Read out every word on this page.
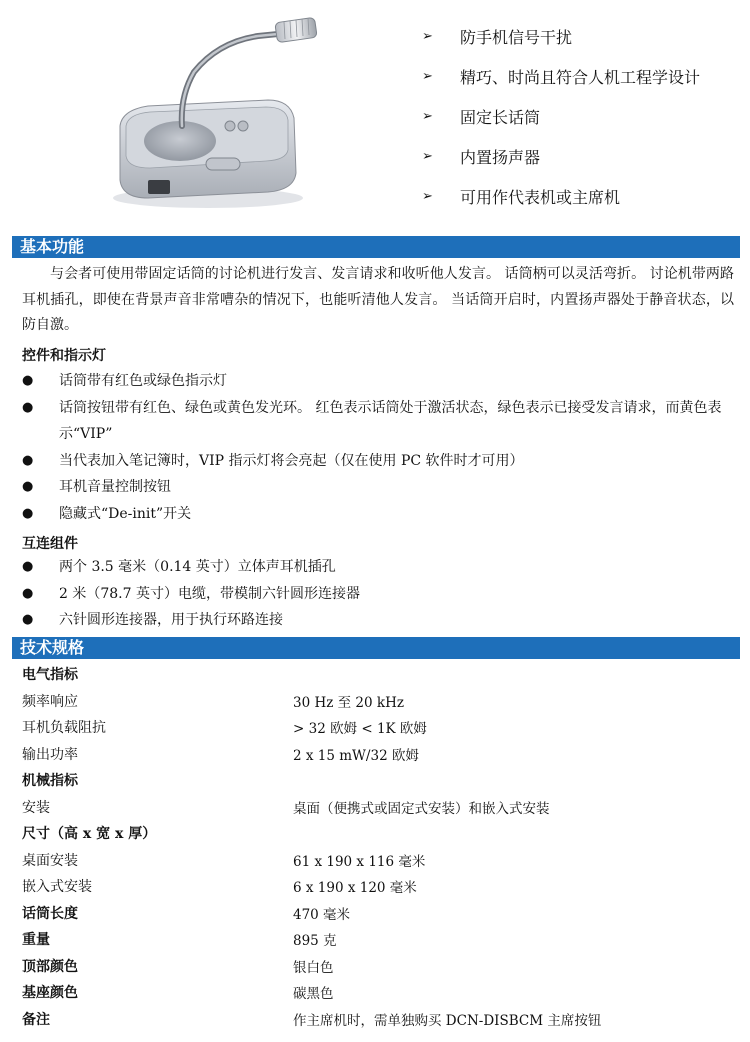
➢	防手机信号干扰
➢	精巧、时尚且符合人机工程学设计
➢	固定长话筒
➢	内置扬声器
➢	可用作代表机或主席机
基本功能
与会者可使用带固定话筒的讨论机进行发言、发言请求和收听他人发言。 话筒柄可以灵活弯折。 讨论机带两路耳机插孔，即使在背景声音非常嘈杂的情况下，也能听清他人发言。 当话筒开启时，内置扬声器处于静音状态，以防自激。
控件和指示灯
●	话筒带有红色或绿色指示灯
●	话筒按钮带有红色、绿色或黄色发光环。 红色表示话筒处于激活状态，绿色表示已接受发言请求，而黄色表示“VIP”
●	当代表加入笔记簿时，VIP 指示灯将会亮起（仅在使用 PC 软件时才可用）
●	耳机音量控制按钮
●	隐藏式“De-init”开关
互连组件
●	两个 3.5 毫米（0.14 英寸）立体声耳机插孔
●	2 米（78.7 英寸）电缆，带模制六针圆形连接器
●	六针圆形连接器，用于执行环路连接
技术规格
电气指标
频率响应	30 Hz 至 20 kHz
耳机负载阻抗	> 32 欧姆 < 1K 欧姆
输出功率	2 x 15 mW/32 欧姆
机械指标
安装	桌面（便携式或固定式安装）和嵌入式安装
尺寸（高 x 宽 x 厚）
桌面安装	61 x 190 x 116 毫米
嵌入式安装	6 x 190 x 120 毫米
话筒长度	470 毫米
重量	895 克
顶部颜色	银白色
基座颜色	碳黑色
备注	作主席机时，需单独购买 DCN-DISBCM 主席按钮
